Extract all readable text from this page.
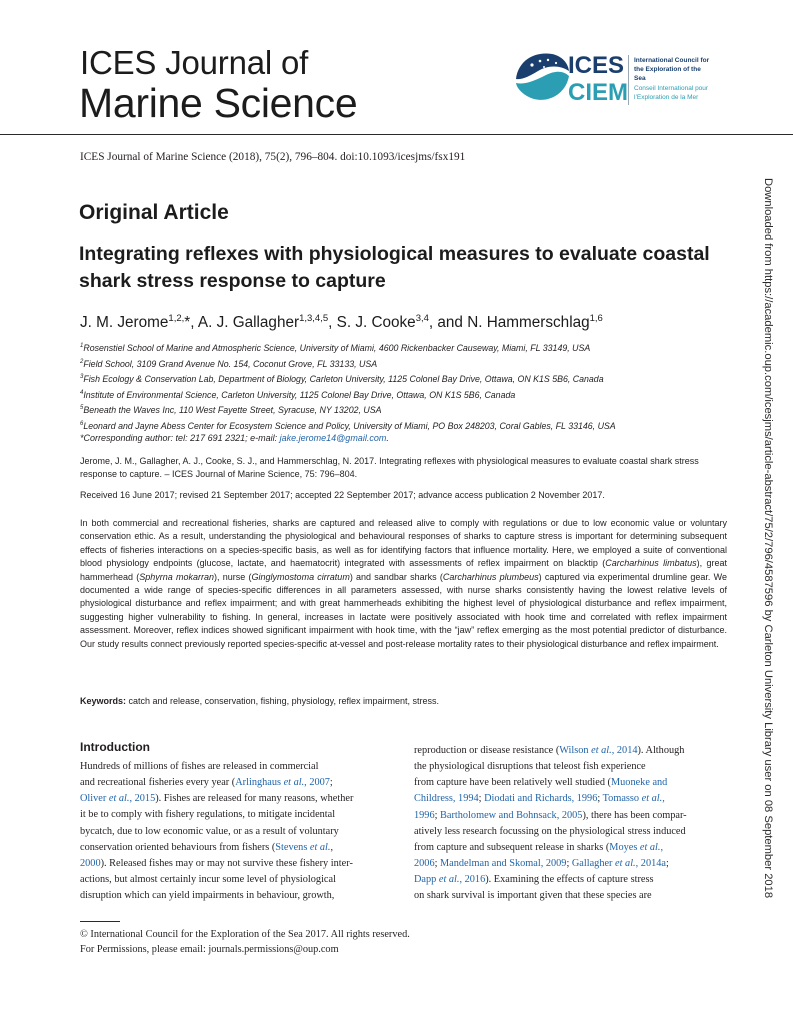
ICES Journal of
Marine Science
ICES
CIEM
International Council for
the Exploration of the Sea
Conseil International pour
l’Exploration de la Mer
ICES Journal of Marine Science (2018), 75(2), 796–804. doi:10.1093/icesjms/fsx191
Downloaded from https://academic.oup.com/icesjms/article-abstract/75/2/796/4587596 by Carleton University Library user on 08 September 2018
Original Article
Integrating reflexes with physiological measures to evaluate coastal shark stress response to capture
J. M. Jerome$^{1,2,}$*, A. J. Gallagher$^{1,3,4,5}$, S. J. Cooke$^{3,4}$, and N. Hammerschlag$^{1,6}$
$^1$Rosenstiel School of Marine and Atmospheric Science, University of Miami, 4600 Rickenbacker Causeway, Miami, FL 33149, USA
$^2$Field School, 3109 Grand Avenue No. 154, Coconut Grove, FL 33133, USA
$^3$Fish Ecology & Conservation Lab, Department of Biology, Carleton University, 1125 Colonel Bay Drive, Ottawa, ON K1S 5B6, Canada
$^4$Institute of Environmental Science, Carleton University, 1125 Colonel Bay Drive, Ottawa, ON K1S 5B6, Canada
$^5$Beneath the Waves Inc, 110 West Fayette Street, Syracuse, NY 13202, USA
$^6$Leonard and Jayne Abess Center for Ecosystem Science and Policy, University of Miami, PO Box 248203, Coral Gables, FL 33146, USA
*Corresponding author: tel: 217 691 2321; e-mail: jake.jerome14@gmail.com.
Jerome, J. M., Gallagher, A. J., Cooke, S. J., and Hammerschlag, N. 2017. Integrating reflexes with physiological measures to evaluate coastal shark stress response to capture. – ICES Journal of Marine Science, 75: 796–804.
Received 16 June 2017; revised 21 September 2017; accepted 22 September 2017; advance access publication 2 November 2017.
In both commercial and recreational fisheries, sharks are captured and released alive to comply with regulations or due to low economic value or voluntary conservation ethic. As a result, understanding the physiological and behavioural responses of sharks to capture stress is important for determining subsequent effects of fisheries interactions on a species-specific basis, as well as for identifying factors that influence mortality. Here, we employed a suite of conventional blood physiology endpoints (glucose, lactate, and haematocrit) integrated with assessments of reflex impairment on blacktip (Carcharhinus limbatus), great hammerhead (Sphyrna mokarran), nurse (Ginglymostoma cirratum) and sandbar sharks (Carcharhinus plumbeus) captured via experimental drumline gear. We documented a wide range of species-specific differences in all parameters assessed, with nurse sharks consistently having the lowest relative levels of physiological disturbance and reflex impairment; and with great hammerheads exhibiting the highest level of physiological disturbance and reflex impairment, suggesting higher vulnerability to fishing. In general, increases in lactate were positively associated with hook time and correlated with reflex impairment assessment. Moreover, reflex indices showed significant impairment with hook time, with the “jaw” reflex emerging as the most potential predictor of disturbance. Our study results connect previously reported species-specific at-vessel and post-release mortality rates to their physiological disturbance and reflex impairment.
Keywords: catch and release, conservation, fishing, physiology, reflex impairment, stress.
Introduction
Hundreds of millions of fishes are released in commercial
and recreational fisheries every year (Arlinghaus et al., 2007;
Oliver et al., 2015). Fishes are released for many reasons, whether
it be to comply with fishery regulations, to mitigate incidental
bycatch, due to low economic value, or as a result of voluntary
conservation oriented behaviours from fishers (Stevens et al.,
2000). Released fishes may or may not survive these fishery inter-
actions, but almost certainly incur some level of physiological
disruption which can yield impairments in behaviour, growth,
reproduction or disease resistance (Wilson et al., 2014). Although
the physiological disruptions that teleost fish experience
from capture have been relatively well studied (Muoneke and
Childress, 1994; Diodati and Richards, 1996; Tomasso et al.,
1996; Bartholomew and Bohnsack, 2005), there has been compar-
atively less research focussing on the physiological stress induced
from capture and subsequent release in sharks (Moyes et al.,
2006; Mandelman and Skomal, 2009; Gallagher et al., 2014a;
Dapp et al., 2016). Examining the effects of capture stress
on shark survival is important given that these species are
© International Council for the Exploration of the Sea 2017. All rights reserved.
For Permissions, please email: journals.permissions@oup.com
